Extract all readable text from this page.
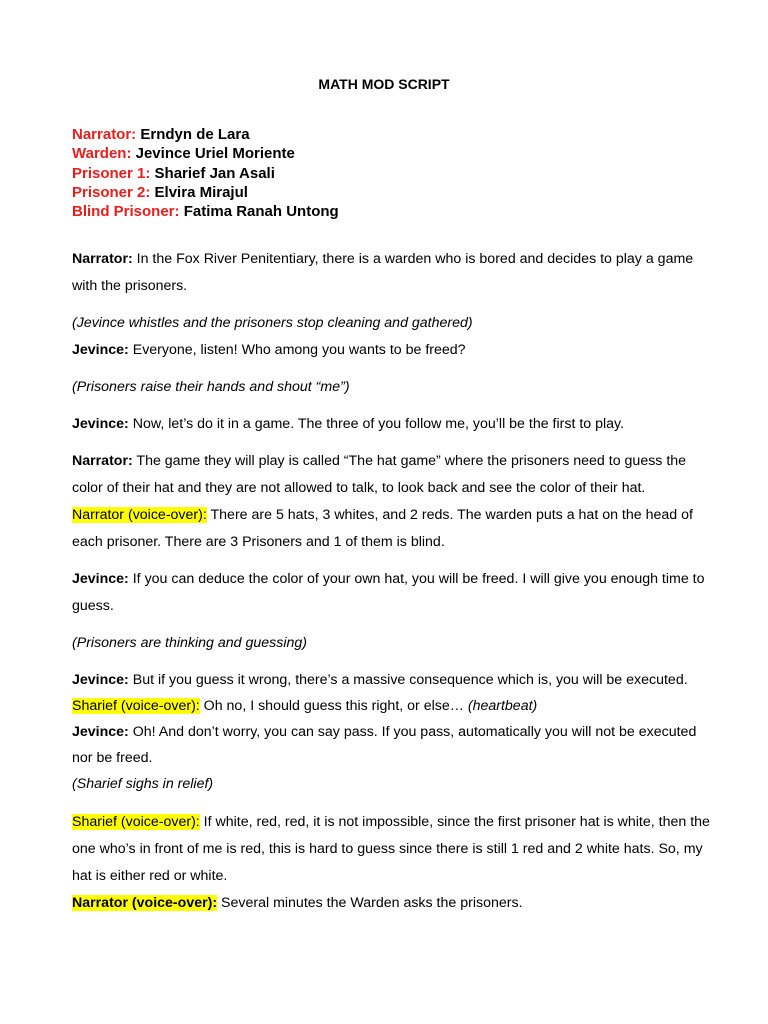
MATH MOD SCRIPT
Narrator: Erndyn de Lara
Warden: Jevince Uriel Moriente
Prisoner 1: Sharief Jan Asali
Prisoner 2: Elvira Mirajul
Blind Prisoner: Fatima Ranah Untong

Narrator: In the Fox River Penitentiary, there is a warden who is bored and decides to play a game with the prisoners.

(Jevince whistles and the prisoners stop cleaning and gathered)

Jevince: Everyone, listen! Who among you wants to be freed?

(Prisoners raise their hands and shout “me”)

Jevince: Now, let’s do it in a game. The three of you follow me, you’ll be the first to play.

Narrator: The game they will play is called “The hat game” where the prisoners need to guess the color of their hat and they are not allowed to talk, to look back and see the color of their hat.

Narrator (voice-over): There are 5 hats, 3 whites, and 2 reds. The warden puts a hat on the head of each prisoner. There are 3 Prisoners and 1 of them is blind.

Jevince: If you can deduce the color of your own hat, you will be freed. I will give you enough time to guess.

(Prisoners are thinking and guessing)

Jevince: But if you guess it wrong, there’s a massive consequence which is, you will be executed.

Sharief (voice-over): Oh no, I should guess this right, or else… (heartbeat)

Jevince: Oh! And don’t worry, you can say pass. If you pass, automatically you will not be executed nor be freed.

(Sharief sighs in relief)

Sharief (voice-over): If white, red, red, it is not impossible, since the first prisoner hat is white, then the one who’s in front of me is red, this is hard to guess since there is still 1 red and 2 white hats. So, my hat is either red or white.

Narrator (voice-over): Several minutes the Warden asks the prisoners.
